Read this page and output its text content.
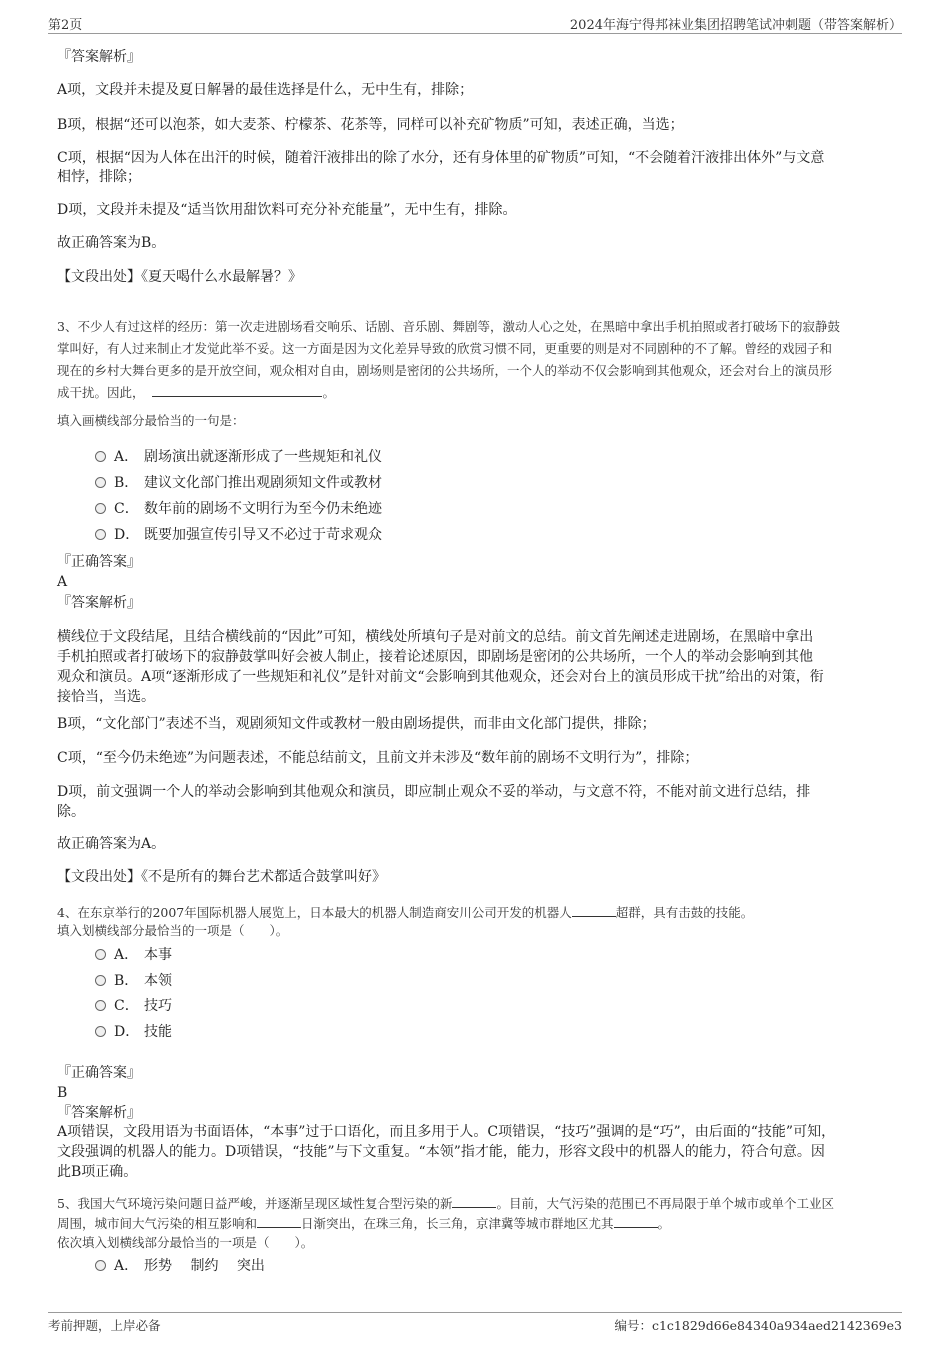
第2页	2024年海宁得邦袜业集团招聘笔试冲刺题（带答案解析）
『答案解析』
A项，文段并未提及夏日解暑的最佳选择是什么，无中生有，排除；
B项，根据“还可以泡茶，如大麦茶、柠檬茶、花茶等，同样可以补充矿物质”可知，表述正确，当选；
C项，根据“因为人体在出汗的时候，随着汗液排出的除了水分，还有身体里的矿物质”可知，“不会随着汗液排出体外”与文意
相悖，排除；
D项，文段并未提及“适当饮用甜饮料可充分补充能量”，无中生有，排除。
故正确答案为B。
【文段出处】《夏天喝什么水最解暑？》
3、不少人有过这样的经历：第一次走进剧场看交响乐、话剧、音乐剧、舞剧等，激动人心之处，在黑暗中拿出手机拍照或者打破场下的寂静鼓
掌叫好，有人过来制止才发觉此举不妥。这一方面是因为文化差异导致的欣赏习惯不同，更重要的则是对不同剧种的不了解。曾经的戏园子和
现在的乡村大舞台更多的是开放空间，观众相对自由，剧场则是密闭的公共场所，一个人的举动不仅会影响到其他观众，还会对台上的演员形
成干扰。因此，	。
填入画横线部分最恰当的一句是：
A． 剧场演出就逐渐形成了一些规矩和礼仪
B． 建议文化部门推出观剧须知文件或教材
C． 数年前的剧场不文明行为至今仍未绝迹
D． 既要加强宣传引导又不必过于苛求观众
『正确答案』
A
『答案解析』
横线位于文段结尾，且结合横线前的“因此”可知，横线处所填句子是对前文的总结。前文首先阐述走进剧场，在黑暗中拿出
手机拍照或者打破场下的寂静鼓掌叫好会被人制止，接着论述原因，即剧场是密闭的公共场所，一个人的举动会影响到其他
观众和演员。A项“逐渐形成了一些规矩和礼仪”是针对前文“会影响到其他观众，还会对台上的演员形成干扰”给出的对策，衔
接恰当，当选。
B项，“文化部门”表述不当，观剧须知文件或教材一般由剧场提供，而非由文化部门提供，排除；
C项，“至今仍未绝迹”为问题表述，不能总结前文，且前文并未涉及“数年前的剧场不文明行为”，排除；
D项，前文强调一个人的举动会影响到其他观众和演员，即应制止观众不妥的举动，与文意不符，不能对前文进行总结，排
除。
故正确答案为A。
【文段出处】《不是所有的舞台艺术都适合鼓掌叫好》
4、在东京举行的2007年国际机器人展览上，日本最大的机器人制造商安川公司开发的机器人	超群，具有击鼓的技能。
填入划横线部分最恰当的一项是（　　）。
A． 本事
B． 本领
C． 技巧
D． 技能
『正确答案』
B
『答案解析』
A项错误，文段用语为书面语体，“本事”过于口语化，而且多用于人。C项错误，“技巧”强调的是“巧”，由后面的“技能”可知，
文段强调的机器人的能力。D项错误，“技能”与下文重复。“本领”指才能，能力，形容文段中的机器人的能力，符合句意。因
此B项正确。
5、我国大气环境污染问题日益严峻，并逐渐呈现区域性复合型污染的新	。目前，大气污染的范围已不再局限于单个城市或单个工业区
周围，城市间大气污染的相互影响和	日渐突出，在珠三角，长三角，京津冀等城市群地区尤其	。
依次填入划横线部分最恰当的一项是（　　）。
A． 形势　 制约　 突出
考前押题，上岸必备	编号：c1c1829d66e84340a934aed2142369e3
